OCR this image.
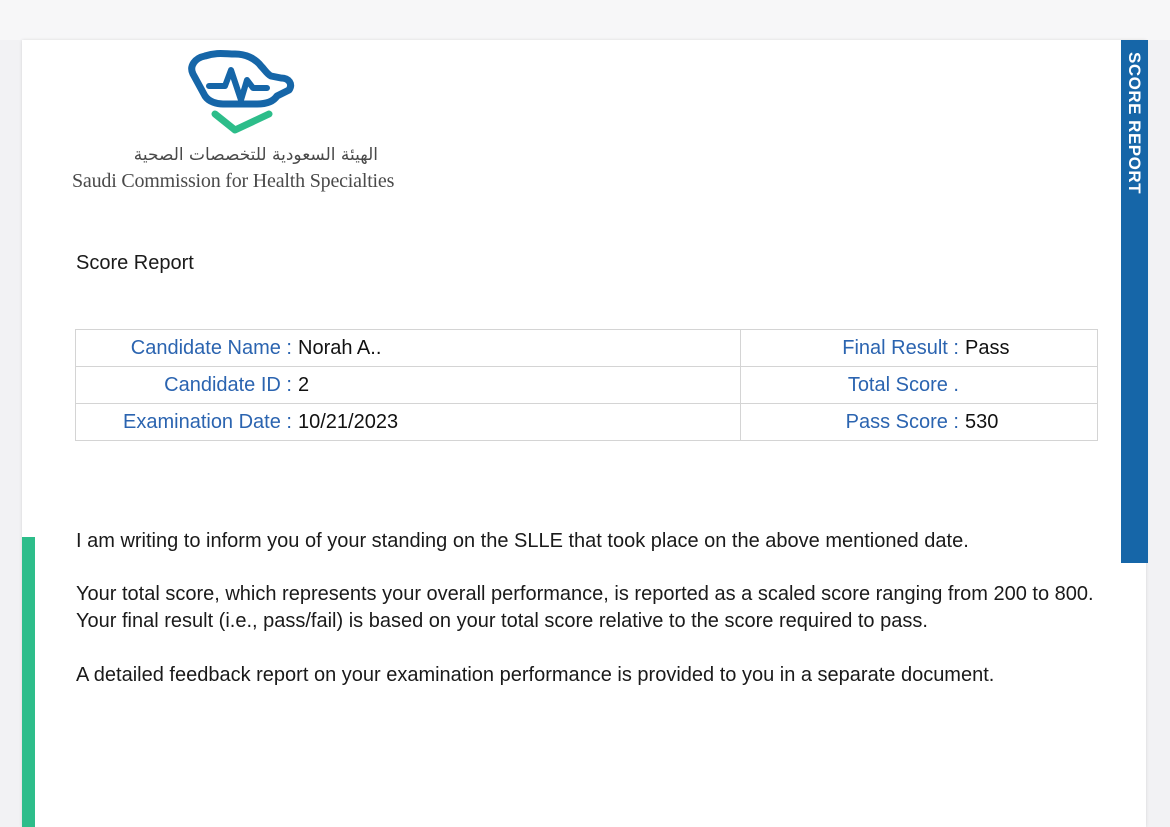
SCORE REPORT
الهيئة السعودية للتخصصات الصحية
Saudi Commission for Health Specialties
Score Report
Candidate Name : Norah A..	Final Result : Pass

Candidate ID : 2	Total Score .

Examination Date : 10/21/2023	Pass Score : 530
I am writing to inform you of your standing on the SLLE that took place on the above mentioned date.
Your total score, which represents your overall performance, is reported as a scaled score ranging from 200 to 800. Your final result (i.e., pass/fail) is based on your total score relative to the score required to pass.
A detailed feedback report on your examination performance is provided to you in a separate document.
